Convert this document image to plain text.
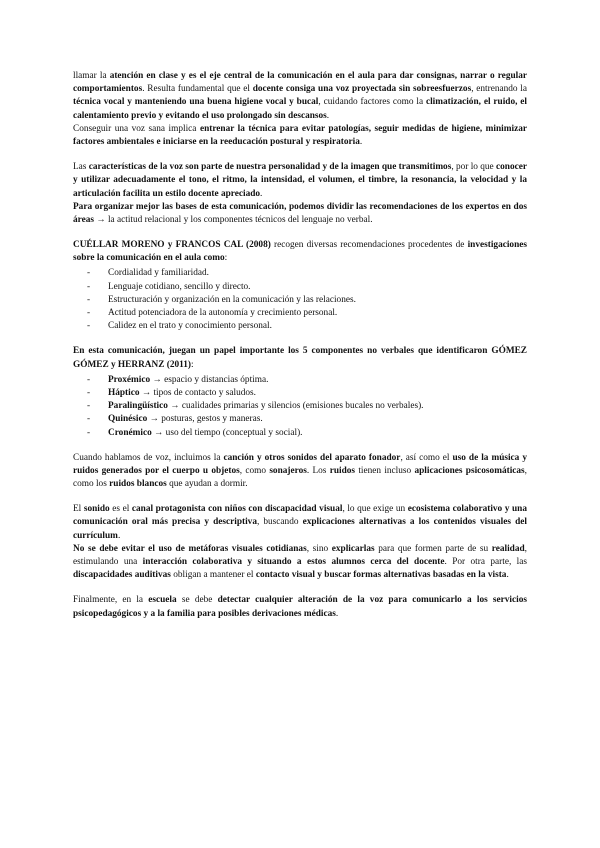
llamar la atención en clase y es el eje central de la comunicación en el aula para dar consignas, narrar o regular comportamientos. Resulta fundamental que el docente consiga una voz proyectada sin sobreesfuerzos, entrenando la técnica vocal y manteniendo una buena higiene vocal y bucal, cuidando factores como la climatización, el ruido, el calentamiento previo y evitando el uso prolongado sin descansos.

Conseguir una voz sana implica entrenar la técnica para evitar patologías, seguir medidas de higiene, minimizar factores ambientales e iniciarse en la reeducación postural y respiratoria.

Las características de la voz son parte de nuestra personalidad y de la imagen que transmitimos, por lo que conocer y utilizar adecuadamente el tono, el ritmo, la intensidad, el volumen, el timbre, la resonancia, la velocidad y la articulación facilita un estilo docente apreciado.

Para organizar mejor las bases de esta comunicación, podemos dividir las recomendaciones de los expertos en dos áreas → la actitud relacional y los componentes técnicos del lenguaje no verbal.

CUÉLLAR MORENO y FRANCOS CAL (2008) recogen diversas recomendaciones procedentes de investigaciones sobre la comunicación en el aula como:

- Cordialidad y familiaridad.
- Lenguaje cotidiano, sencillo y directo.
- Estructuración y organización en la comunicación y las relaciones.
- Actitud potenciadora de la autonomía y crecimiento personal.
- Calidez en el trato y conocimiento personal.

En esta comunicación, juegan un papel importante los 5 componentes no verbales que identificaron GÓMEZ GÓMEZ y HERRANZ (2011):

- Proxémico → espacio y distancias óptima.
- Háptico → tipos de contacto y saludos.
- Paralingüístico → cualidades primarias y silencios (emisiones bucales no verbales).
- Quinésico → posturas, gestos y maneras.
- Cronémico → uso del tiempo (conceptual y social).

Cuando hablamos de voz, incluimos la canción y otros sonidos del aparato fonador, así como el uso de la música y ruidos generados por el cuerpo u objetos, como sonajeros. Los ruidos tienen incluso aplicaciones psicosomáticas, como los ruidos blancos que ayudan a dormir.

El sonido es el canal protagonista con niños con discapacidad visual, lo que exige un ecosistema colaborativo y una comunicación oral más precisa y descriptiva, buscando explicaciones alternativas a los contenidos visuales del currículum.

No se debe evitar el uso de metáforas visuales cotidianas, sino explicarlas para que formen parte de su realidad, estimulando una interacción colaborativa y situando a estos alumnos cerca del docente. Por otra parte, las discapacidades auditivas obligan a mantener el contacto visual y buscar formas alternativas basadas en la vista.

Finalmente, en la escuela se debe detectar cualquier alteración de la voz para comunicarlo a los servicios psicopedagógicos y a la familia para posibles derivaciones médicas.
